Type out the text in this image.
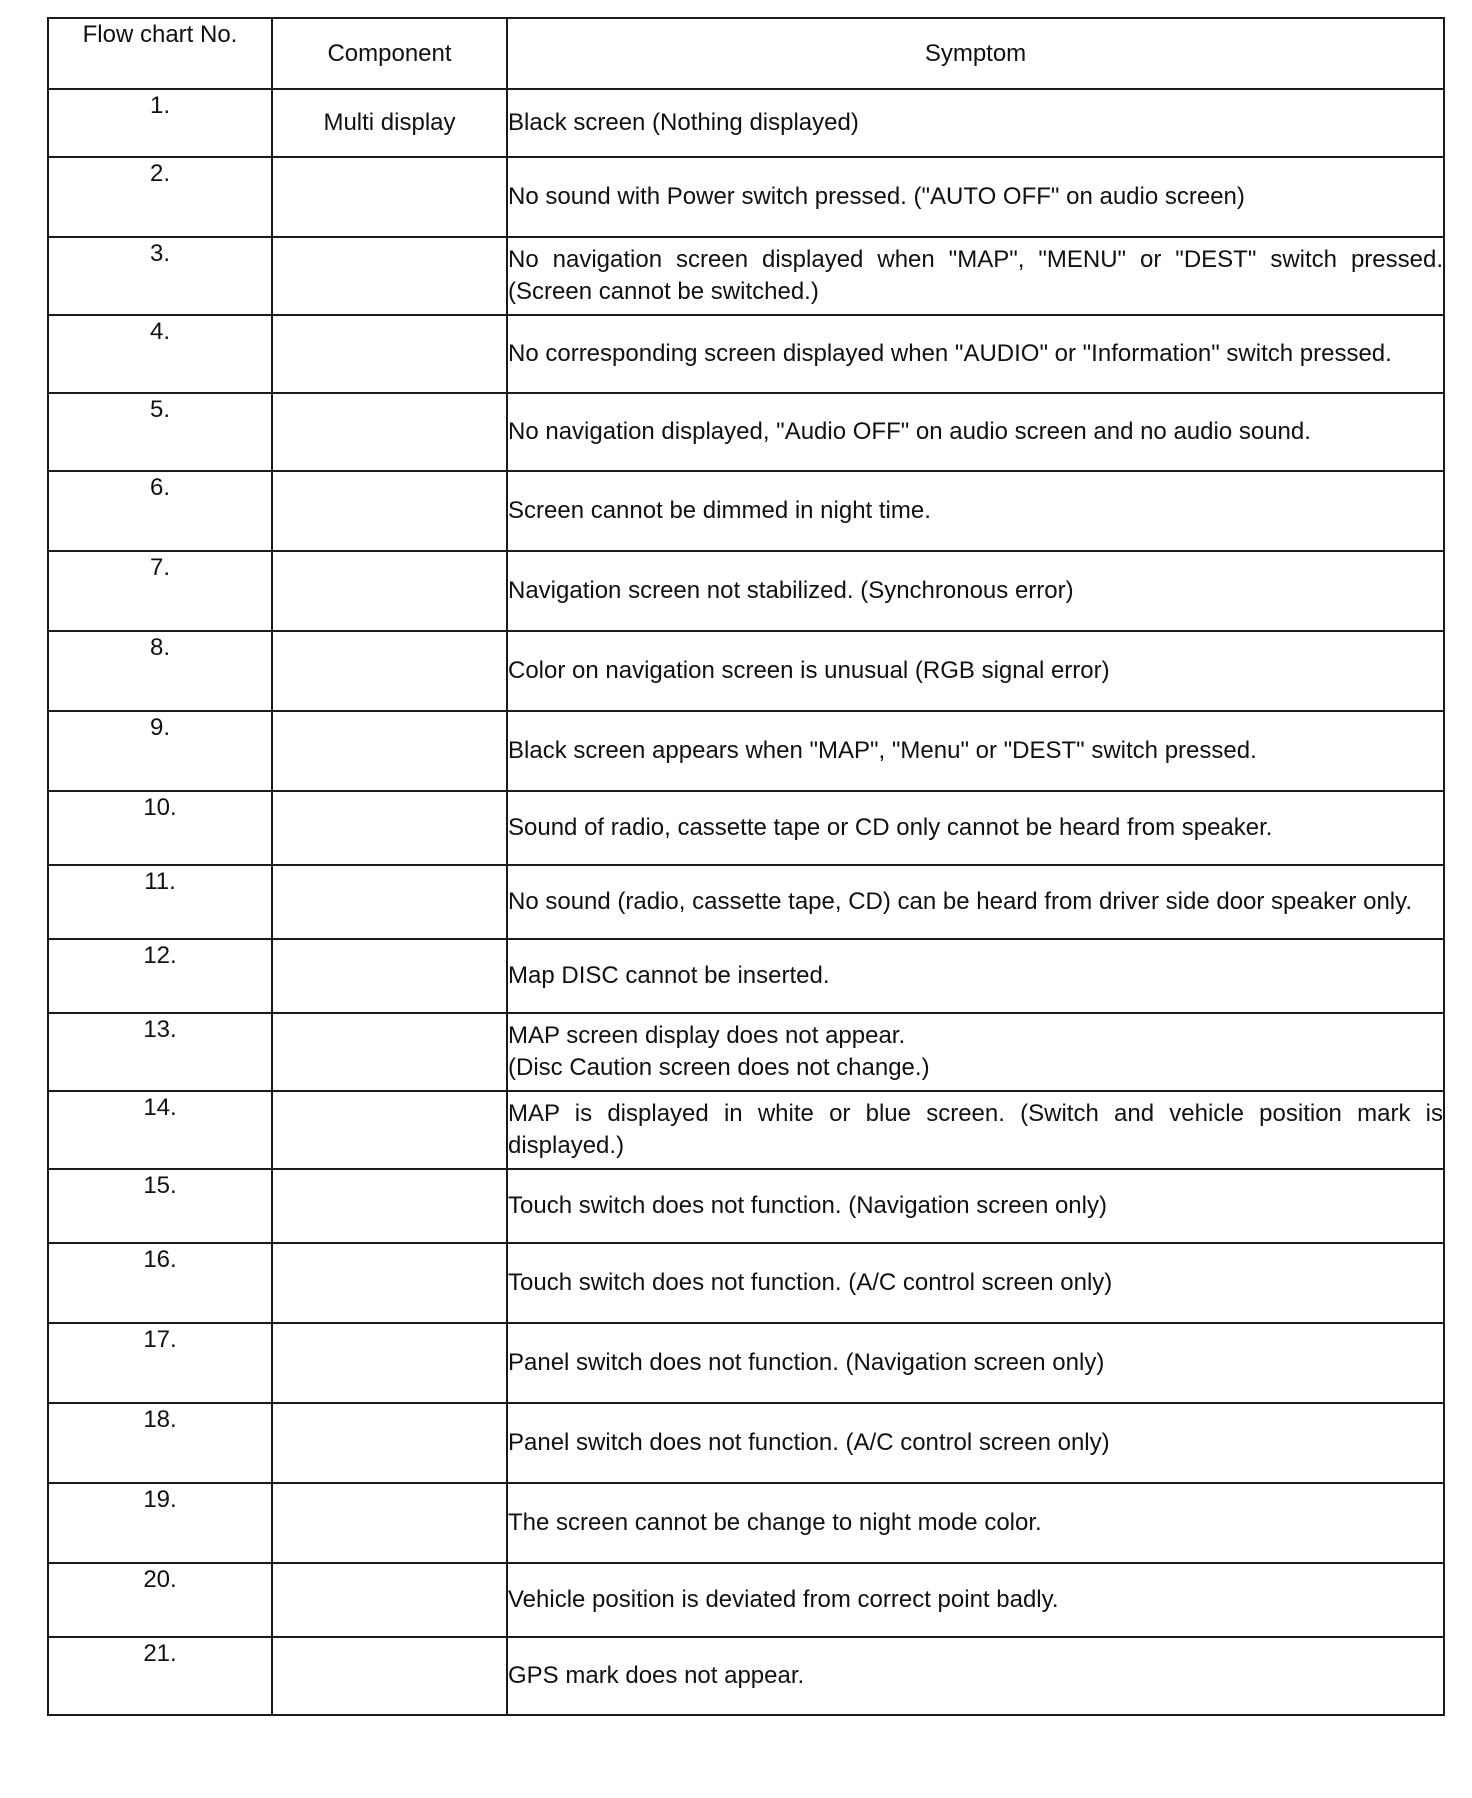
Flow chart No.	Component	Symptom
1.	Multi display	Black screen (Nothing displayed)
2.		No sound with Power switch pressed. ("AUTO OFF" on audio screen)
3.		No navigation screen displayed when "MAP", "MENU" or "DEST" switch pressed. (Screen cannot be switched.)
4.		No corresponding screen displayed when "AUDIO" or "Information" switch pressed.
5.		No navigation displayed, "Audio OFF" on audio screen and no audio sound.
6.		Screen cannot be dimmed in night time.
7.		Navigation screen not stabilized. (Synchronous error)
8.		Color on navigation screen is unusual (RGB signal error)
9.		Black screen appears when "MAP", "Menu" or "DEST" switch pressed.
10.		Sound of radio, cassette tape or CD only cannot be heard from speaker.
11.		No sound (radio, cassette tape, CD) can be heard from driver side door speaker only.
12.		Map DISC cannot be inserted.
13.		MAP screen display does not appear.
(Disc Caution screen does not change.)

14.		MAP is displayed in white or blue screen. (Switch and vehicle position mark is displayed.)
15.		Touch switch does not function. (Navigation screen only)
16.		Touch switch does not function. (A/C control screen only)
17.		Panel switch does not function. (Navigation screen only)
18.		Panel switch does not function. (A/C control screen only)
19.		The screen cannot be change to night mode color.
20.		Vehicle position is deviated from correct point badly.
21.		GPS mark does not appear.
